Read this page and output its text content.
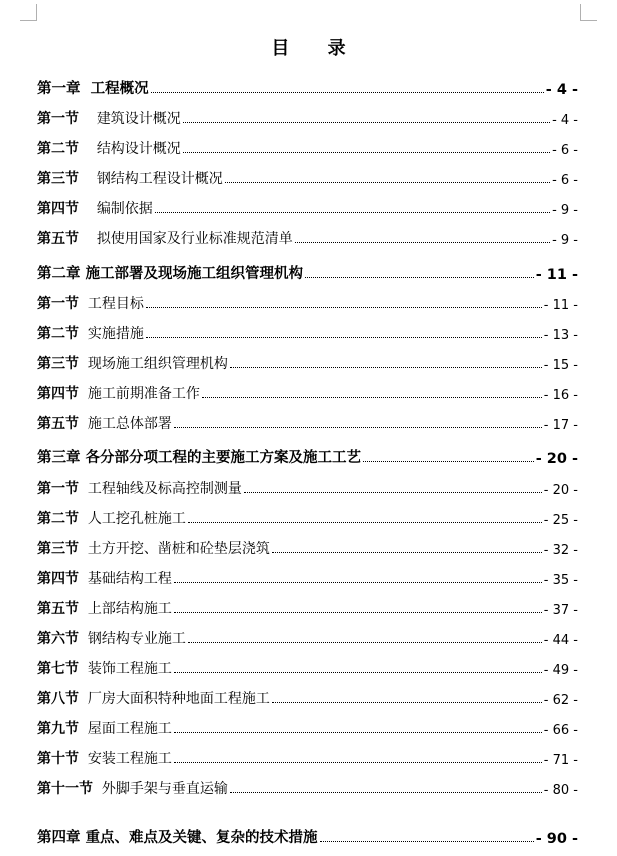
目 录
第一章 工程概况	- 4 -
第一节 建筑设计概况	- 4 -
第二节 结构设计概况	- 6 -
第三节 钢结构工程设计概况	- 6 -
第四节 编制依据	- 9 -
第五节 拟使用国家及行业标准规范清单	- 9 -
第二章 施工部署及现场施工组织管理机构	- 11 -
第一节 工程目标	- 11 -
第二节 实施措施	- 13 -
第三节 现场施工组织管理机构	- 15 -
第四节 施工前期准备工作	- 16 -
第五节 施工总体部署	- 17 -
第三章 各分部分项工程的主要施工方案及施工工艺	- 20 -
第一节 工程轴线及标高控制测量	- 20 -
第二节 人工挖孔桩施工	- 25 -
第三节 土方开挖、凿桩和砼垫层浇筑	- 32 -
第四节 基础结构工程	- 35 -
第五节 上部结构施工	- 37 -
第六节 钢结构专业施工	- 44 -
第七节 装饰工程施工	- 49 -
第八节 厂房大面积特种地面工程施工	- 62 -
第九节 屋面工程施工	- 66 -
第十节 安装工程施工	- 71 -
第十一节 外脚手架与垂直运输	- 80 -
第四章 重点、难点及关键、复杂的技术措施	- 90 -
